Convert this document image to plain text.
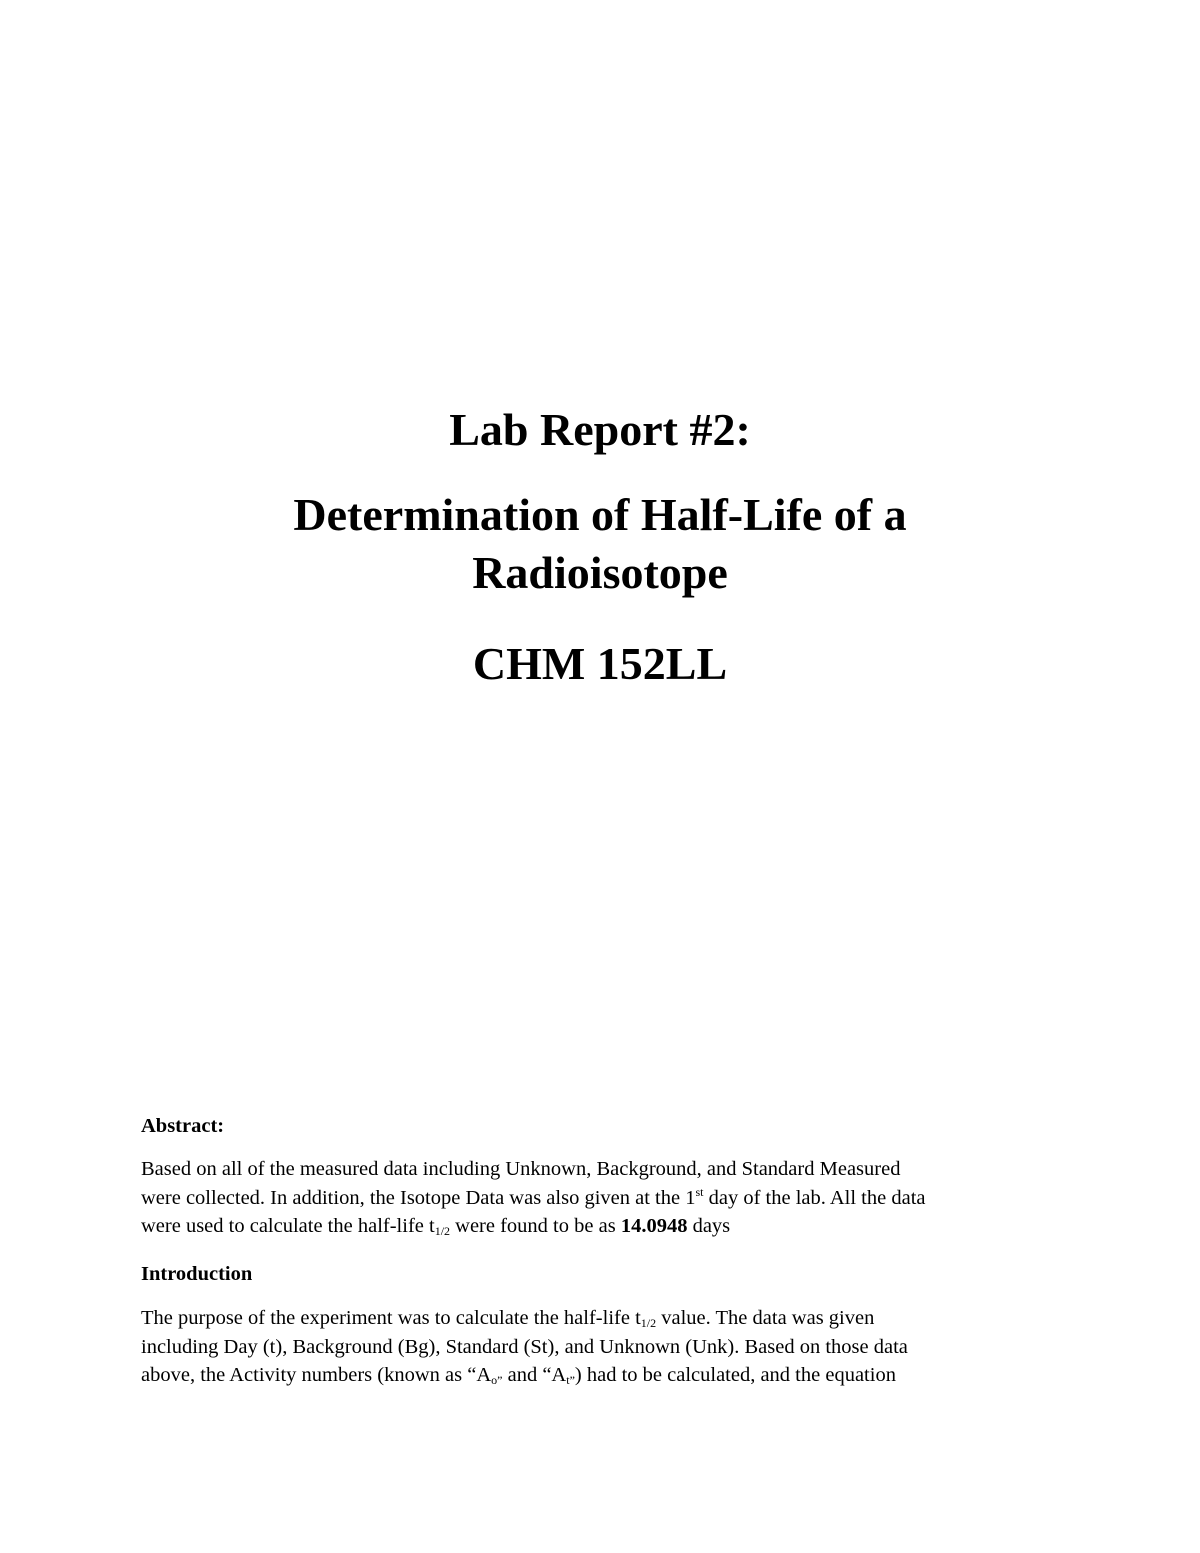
Lab Report #2:
Determination of Half-Life of a
Radioisotope
CHM 152LL
Abstract:
Based on all of the measured data including Unknown, Background, and Standard Measured
were collected. In addition, the Isotope Data was also given at the 1st day of the lab. All the data
were used to calculate the half-life $t_{1/2}$ were found to be as 14.0948 days
Introduction
The purpose of the experiment was to calculate the half-life $t_{1/2}$ value. The data was given
including Day (t), Background (Bg), Standard (St), and Unknown (Unk). Based on those data
above, the Activity numbers (known as “$A_{o”}$ and “$A_{t”}$) had to be calculated, and the equation
